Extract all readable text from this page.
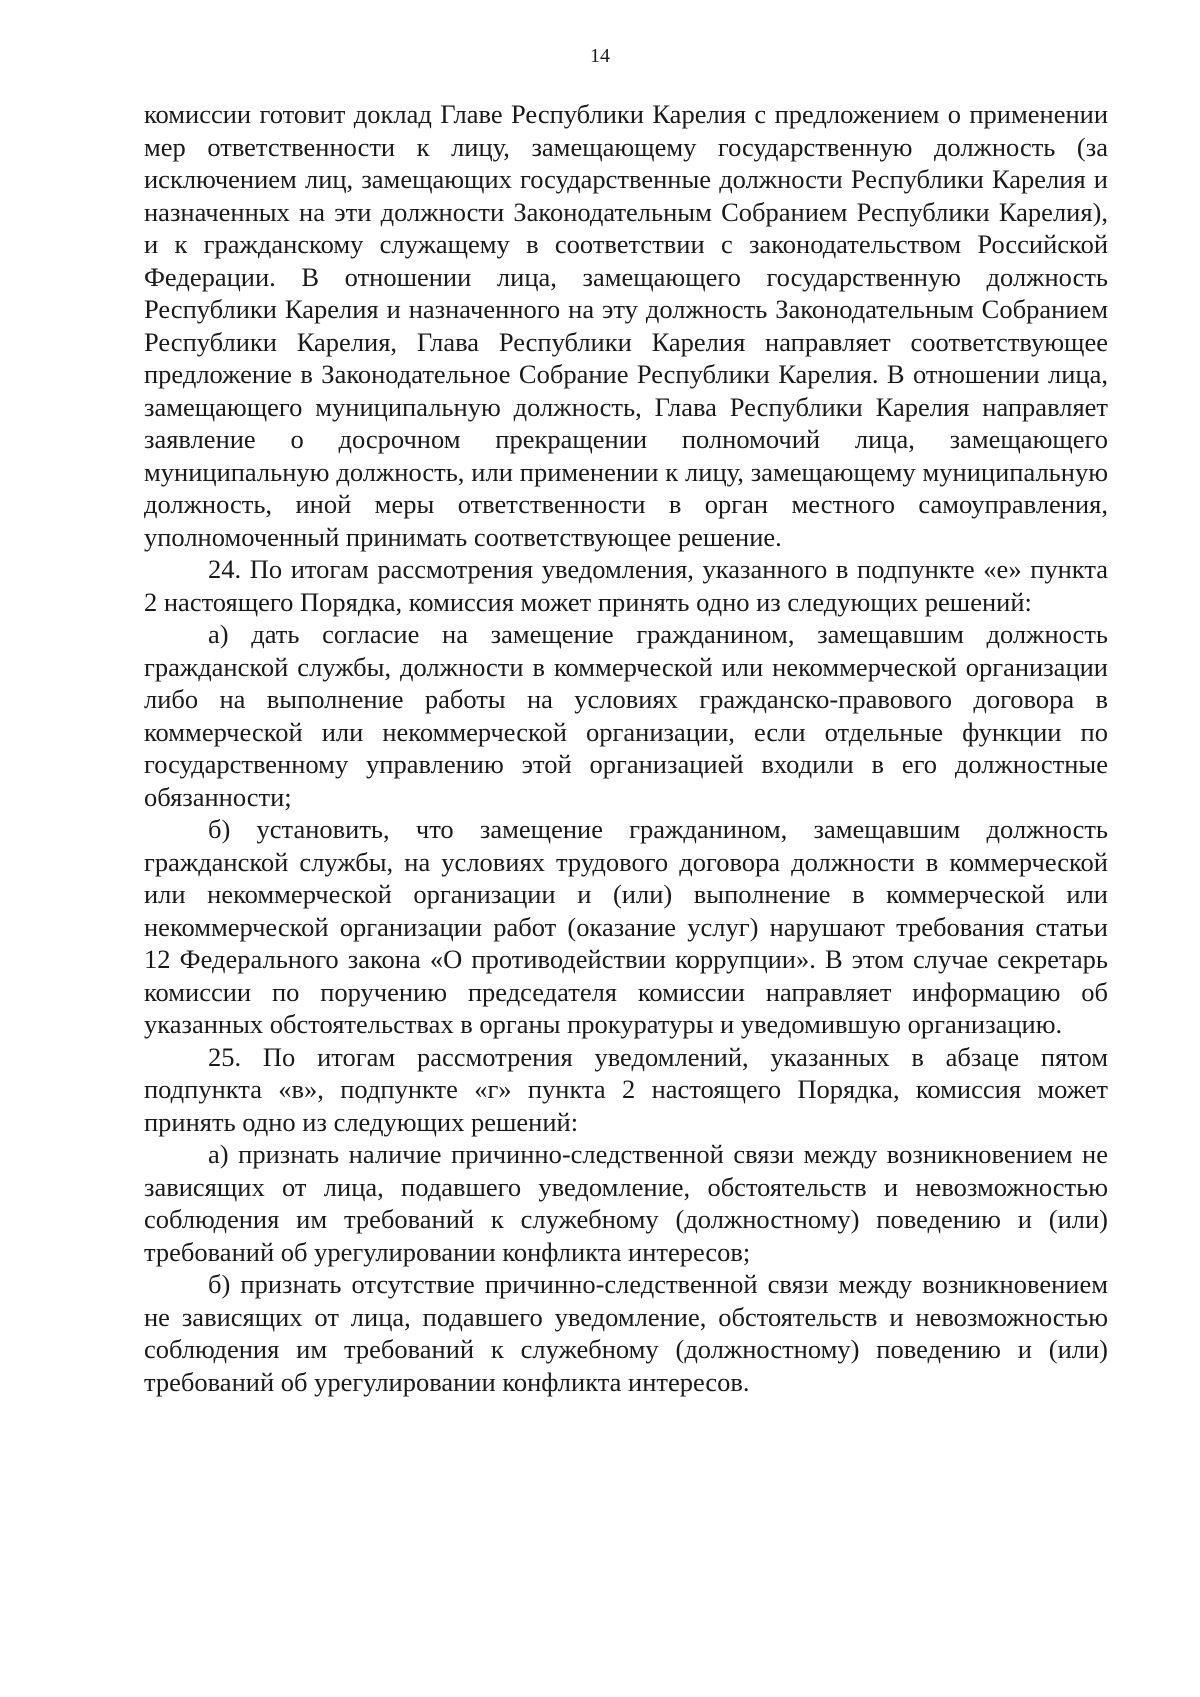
14

комиссии готовит доклад Главе Республики Карелия с предложением о применении мер ответственности к лицу, замещающему государственную должность (за исключением лиц, замещающих государственные должности Республики Карелия и назначенных на эти должности Законодательным Собранием Республики Карелия), и к гражданскому служащему в соответствии с законодательством Российской Федерации. В отношении лица, замещающего государственную должность Республики Карелия и назначенного на эту должность Законодательным Собранием Республики Карелия, Глава Республики Карелия направляет соответствующее предложение в Законодательное Собрание Республики Карелия. В отношении лица, замещающего муниципальную должность, Глава Республики Карелия направляет заявление о досрочном прекращении полномочий лица, замещающего муниципальную должность, или применении к лицу, замещающему муниципальную должность, иной меры ответственности в орган местного самоуправления, уполномоченный принимать соответствующее решение.

24. По итогам рассмотрения уведомления, указанного в подпункте «е» пункта 2 настоящего Порядка, комиссия может принять одно из следующих решений:

а) дать согласие на замещение гражданином, замещавшим должность гражданской службы, должности в коммерческой или некоммерческой организации либо на выполнение работы на условиях гражданско-правового договора в коммерческой или некоммерческой организации, если отдельные функции по государственному управлению этой организацией входили в его должностные обязанности;

б) установить, что замещение гражданином, замещавшим должность гражданской службы, на условиях трудового договора должности в коммерческой или некоммерческой организации и (или) выполнение в коммерческой или некоммерческой организации работ (оказание услуг) нарушают требования статьи 12 Федерального закона «О противодействии коррупции». В этом случае секретарь комиссии по поручению председателя комиссии направляет информацию об указанных обстоятельствах в органы прокуратуры и уведомившую организацию.

25. По итогам рассмотрения уведомлений, указанных в абзаце пятом подпункта «в», подпункте «г» пункта 2 настоящего Порядка, комиссия может принять одно из следующих решений:

а) признать наличие причинно-следственной связи между возникновением не зависящих от лица, подавшего уведомление, обстоятельств и невозможностью соблюдения им требований к служебному (должностному) поведению и (или) требований об урегулировании конфликта интересов;

б) признать отсутствие причинно-следственной связи между возникновением не зависящих от лица, подавшего уведомление, обстоятельств и невозможностью соблюдения им требований к служебному (должностному) поведению и (или) требований об урегулировании конфликта интересов.
